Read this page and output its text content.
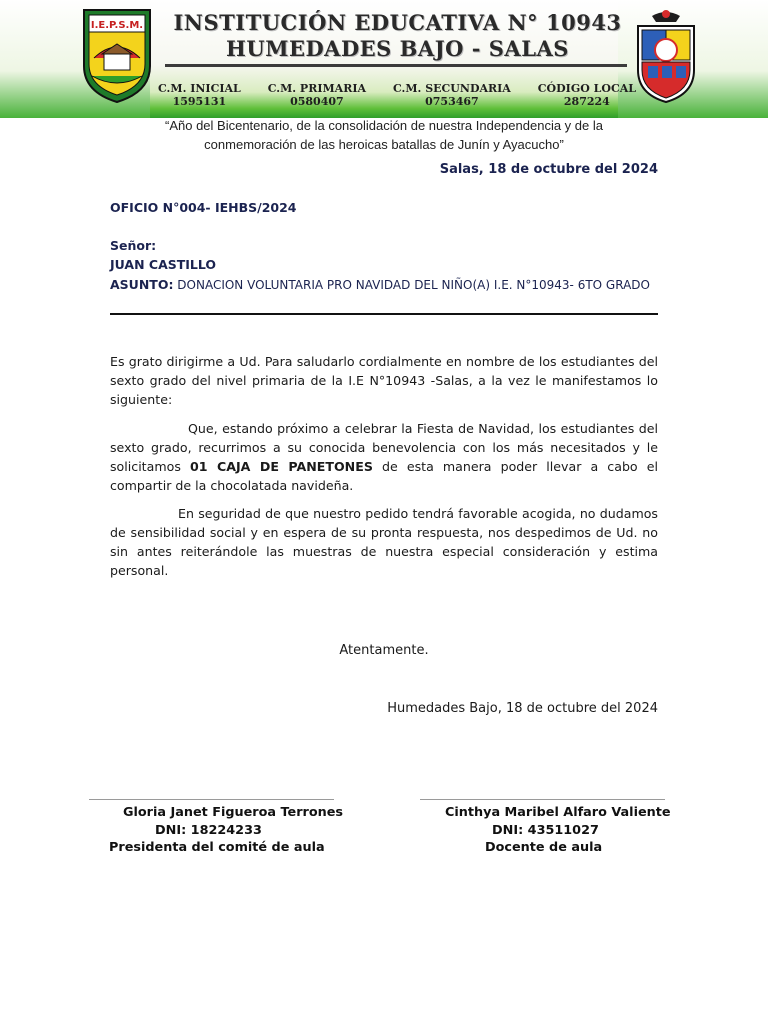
I.E.P.S.M. INSTITUCIÓN EDUCATIVA N° 10943
HUMEDADES BAJO - SALAS
C.M. INICIAL
1595131
C.M. PRIMARIA
0580407
C.M. SECUNDARIA
0753467
CÓDIGO LOCAL
287224
“Año del Bicentenario, de la consolidación de nuestra Independencia y de la
conmemoración de las heroicas batallas de Junín y Ayacucho”
Salas, 18 de octubre del 2024
OFICIO N°004- IEHBS/2024
Señor:
JUAN CASTILLO
ASUNTO: DONACION VOLUNTARIA PRO NAVIDAD DEL NIÑO(A) I.E. N°10943- 6TO GRADO
Es grato dirigirme a Ud. Para saludarlo cordialmente en nombre de los estudiantes del sexto grado del nivel primaria de la I.E N°10943 -Salas, a la vez le manifestamos lo siguiente:
Que, estando próximo a celebrar la Fiesta de Navidad, los estudiantes del sexto grado, recurrimos a su conocida benevolencia con los más necesitados y le solicitamos 01 CAJA DE PANETONES de esta manera poder llevar a cabo el compartir de la chocolatada navideña.
En seguridad de que nuestro pedido tendrá favorable acogida, no dudamos de sensibilidad social y en espera de su pronta respuesta, nos despedimos de Ud. no sin antes reiterándole las muestras de nuestra especial consideración y estima personal.
Atentamente.
Humedades Bajo, 18 de octubre del 2024
Gloria Janet Figueroa Terrones
DNI: 18224233
Presidenta del comité de aula
Cinthya Maribel Alfaro Valiente
DNI: 43511027
Docente de aula
